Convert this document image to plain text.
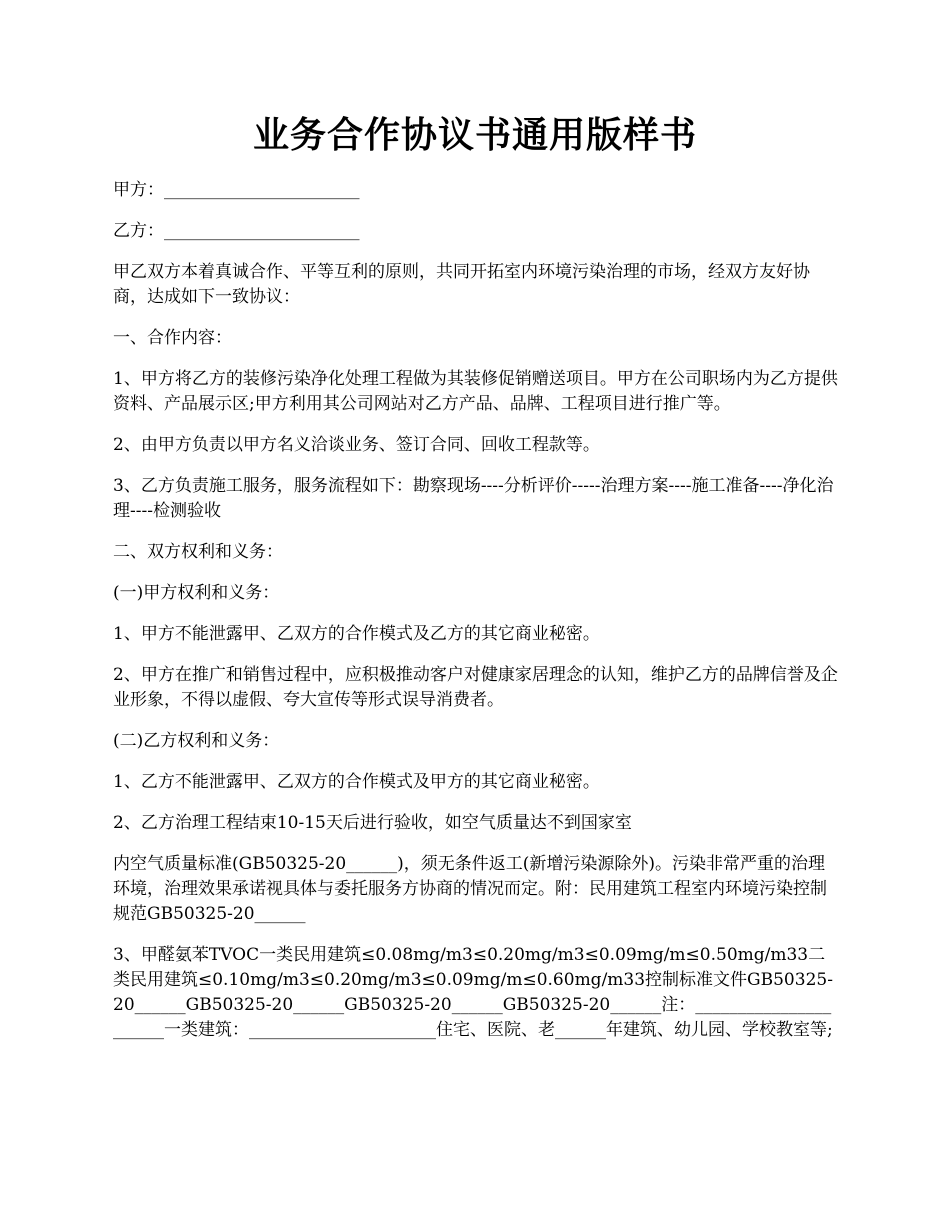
业务合作协议书通用版样书

甲方：_______________________

乙方：_______________________

甲乙双方本着真诚合作、平等互利的原则，共同开拓室内环境污染治理的市场，经双方友好协商，达成如下一致协议：

一、合作内容：

1、甲方将乙方的装修污染净化处理工程做为其装修促销赠送项目。甲方在公司职场内为乙方提供资料、产品展示区;甲方利用其公司网站对乙方产品、品牌、工程项目进行推广等。

2、由甲方负责以甲方名义洽谈业务、签订合同、回收工程款等。

3、乙方负责施工服务，服务流程如下：勘察现场----分析评价-----治理方案----施工准备----净化治理----检测验收

二、双方权利和义务：

(一)甲方权利和义务：

1、甲方不能泄露甲、乙双方的合作模式及乙方的其它商业秘密。

2、甲方在推广和销售过程中，应积极推动客户对健康家居理念的认知，维护乙方的品牌信誉及企业形象，不得以虚假、夸大宣传等形式误导消费者。

(二)乙方权利和义务：

1、乙方不能泄露甲、乙双方的合作模式及甲方的其它商业秘密。

2、乙方治理工程结束10-15天后进行验收，如空气质量达不到国家室

内空气质量标准(GB50325-20______)，须无条件返工(新增污染源除外)。污染非常严重的治理环境，治理效果承诺视具体与委托服务方协商的情况而定。附：民用建筑工程室内环境污染控制规范GB50325-20______

3、甲醛氨苯TVOC一类民用建筑≤0.08mg/m3≤0.20mg/m3≤0.09mg/m≤0.50mg/m33二类民用建筑≤0.10mg/m3≤0.20mg/m3≤0.09mg/m≤0.60mg/m33控制标准文件GB50325-20______GB50325-20______GB50325-20______GB50325-20______注：________________ ______一类建筑：______________________住宅、医院、老______年建筑、幼儿园、学校教室等;
